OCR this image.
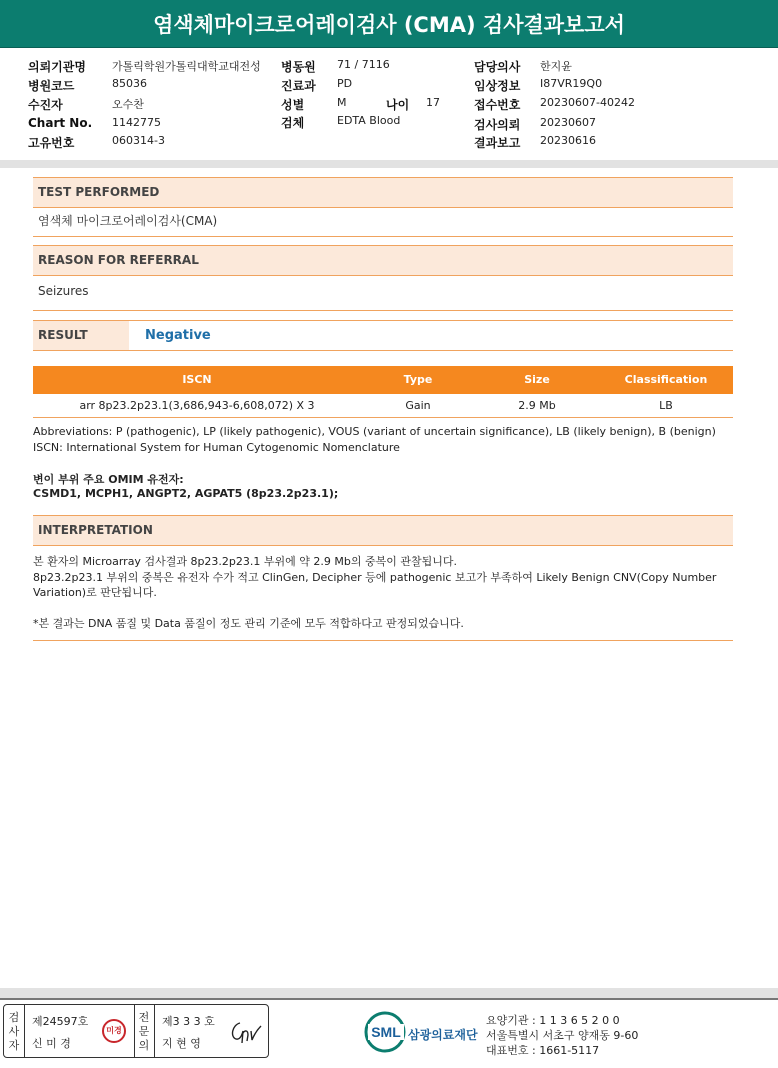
염색체마이크로어레이검사 (CMA) 검사결과보고서
의뢰기관명 가톨릭학원가톨릭대학교대전성 병동원 71 / 7116	담당의사 한지윤
병원코드	85036	진료과 PD	임상정보 I87VR19Q0
수진자	오수찬	성별	M	나이 17	접수번호 20230607-40242
Chart No. 1142775	검체	EDTA Blood	검사의뢰 20230607
고유번호	060314-3	결과보고 20230616
TEST PERFORMED
염색체 마이크로어레이검사(CMA)
REASON FOR REFERRAL
Seizures
RESULT	Negative
ISCN	Type	Size	Classification
arr 8p23.2p23.1(3,686,943-6,608,072) X 3	Gain	2.9 Mb	LB
Abbreviations: P (pathogenic), LP (likely pathogenic), VOUS (variant of uncertain significance), LB (likely benign), B (benign)
ISCN: International System for Human Cytogenomic Nomenclature
변이 부위 주요 OMIM 유전자:
CSMD1, MCPH1, ANGPT2, AGPAT5 (8p23.2p23.1);
INTERPRETATION
본 환자의 Microarray 검사결과 8p23.2p23.1 부위에 약 2.9 Mb의 중복이 관찰됩니다.
8p23.2p23.1 부위의 중복은 유전자 수가 적고 ClinGen, Decipher 등에 pathogenic 보고가 부족하여 Likely Benign CNV(Copy Number
Variation)로 판단됩니다.
*본 결과는 DNA 품질 및 Data 품질이 정도 관리 기준에 모두 적합하다고 판정되었습니다.
검
사
자
제24597호
신 미 경
미경
전
문
의
제3 3 3 호
지 현 영
SML 삼광의료재단
요양기관 : 1 1 3 6 5 2 0 0
서울특별시 서초구 양재동 9-60
대표번호 : 1661-5117
